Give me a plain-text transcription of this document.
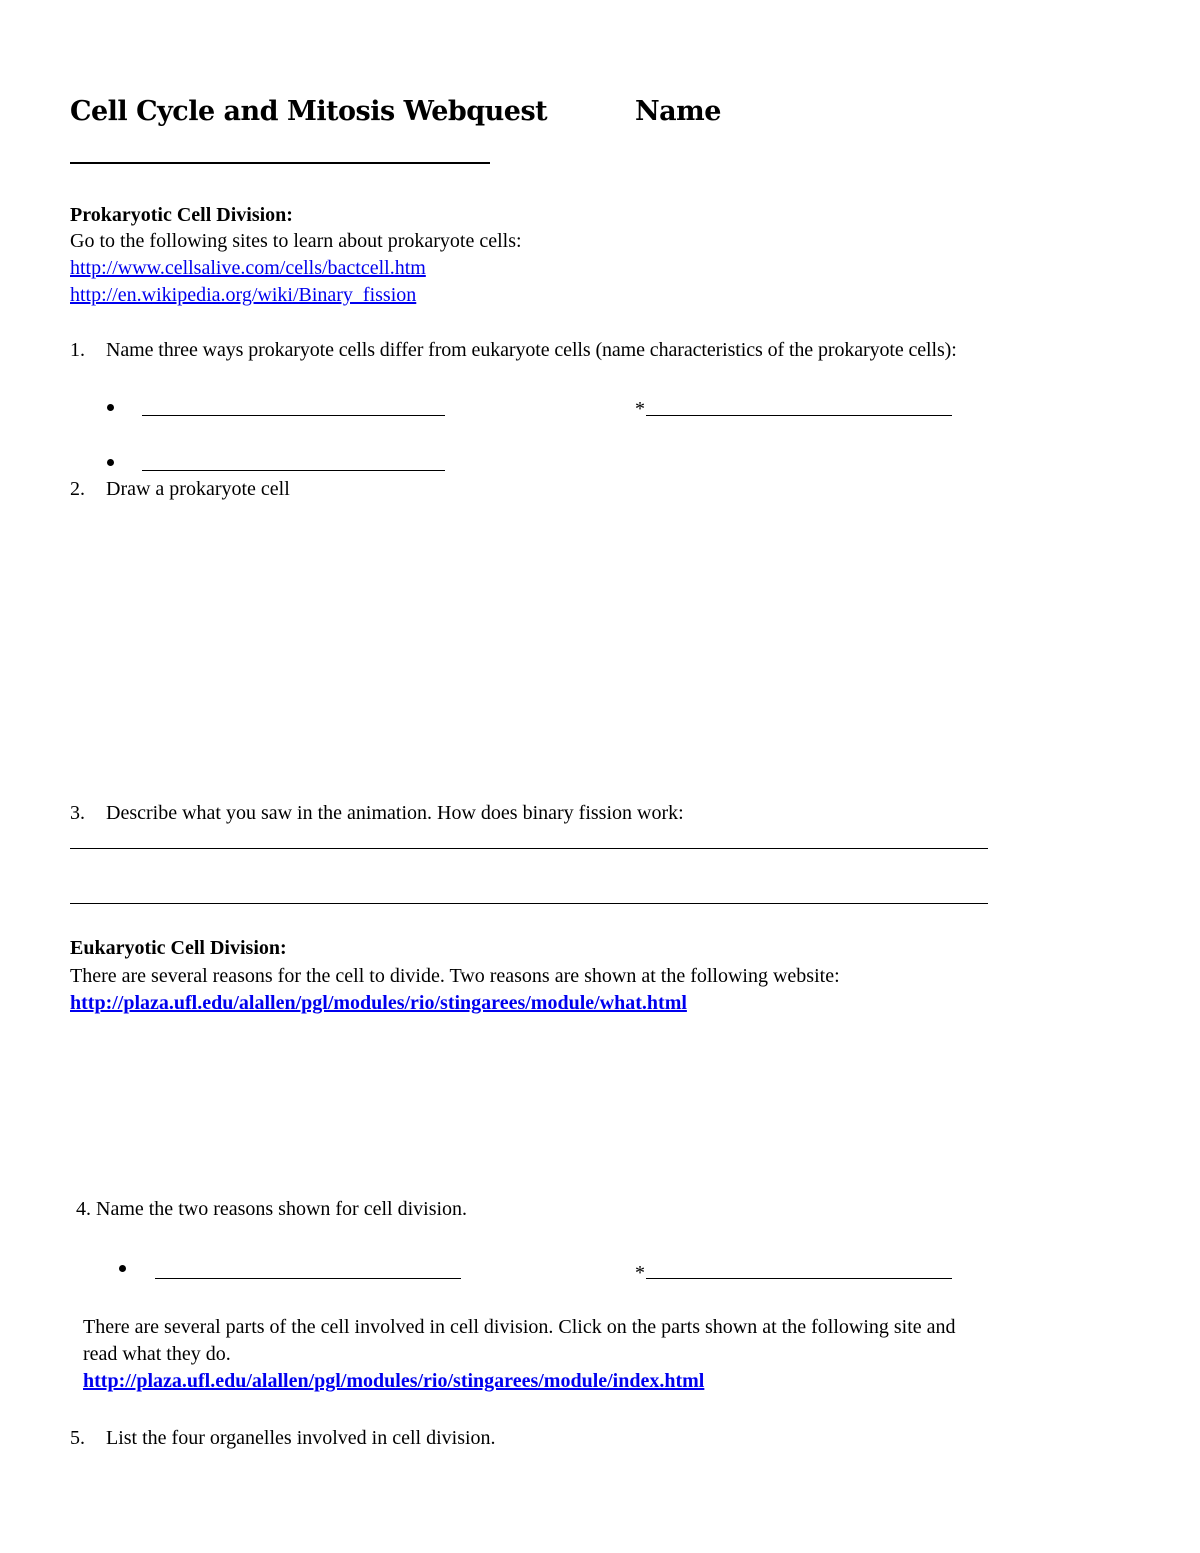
Cell Cycle and Mitosis Webquest	Name
Prokaryotic Cell Division:
Go to the following sites to learn about prokaryote cells:
http://www.cellsalive.com/cells/bactcell.htm
http://en.wikipedia.org/wiki/Binary_fission
1. Name three ways prokaryote cells differ from eukaryote cells (name characteristics of the prokaryote cells):
*
2. Draw a prokaryote cell
3. Describe what you saw in the animation. How does binary fission work:
Eukaryotic Cell Division:
There are several reasons for the cell to divide. Two reasons are shown at the following website:
http://plaza.ufl.edu/alallen/pgl/modules/rio/stingarees/module/what.html
4. Name the two reasons shown for cell division.
*
There are several parts of the cell involved in cell division. Click on the parts shown at the following site and
read what they do.
http://plaza.ufl.edu/alallen/pgl/modules/rio/stingarees/module/index.html
5. List the four organelles involved in cell division.
